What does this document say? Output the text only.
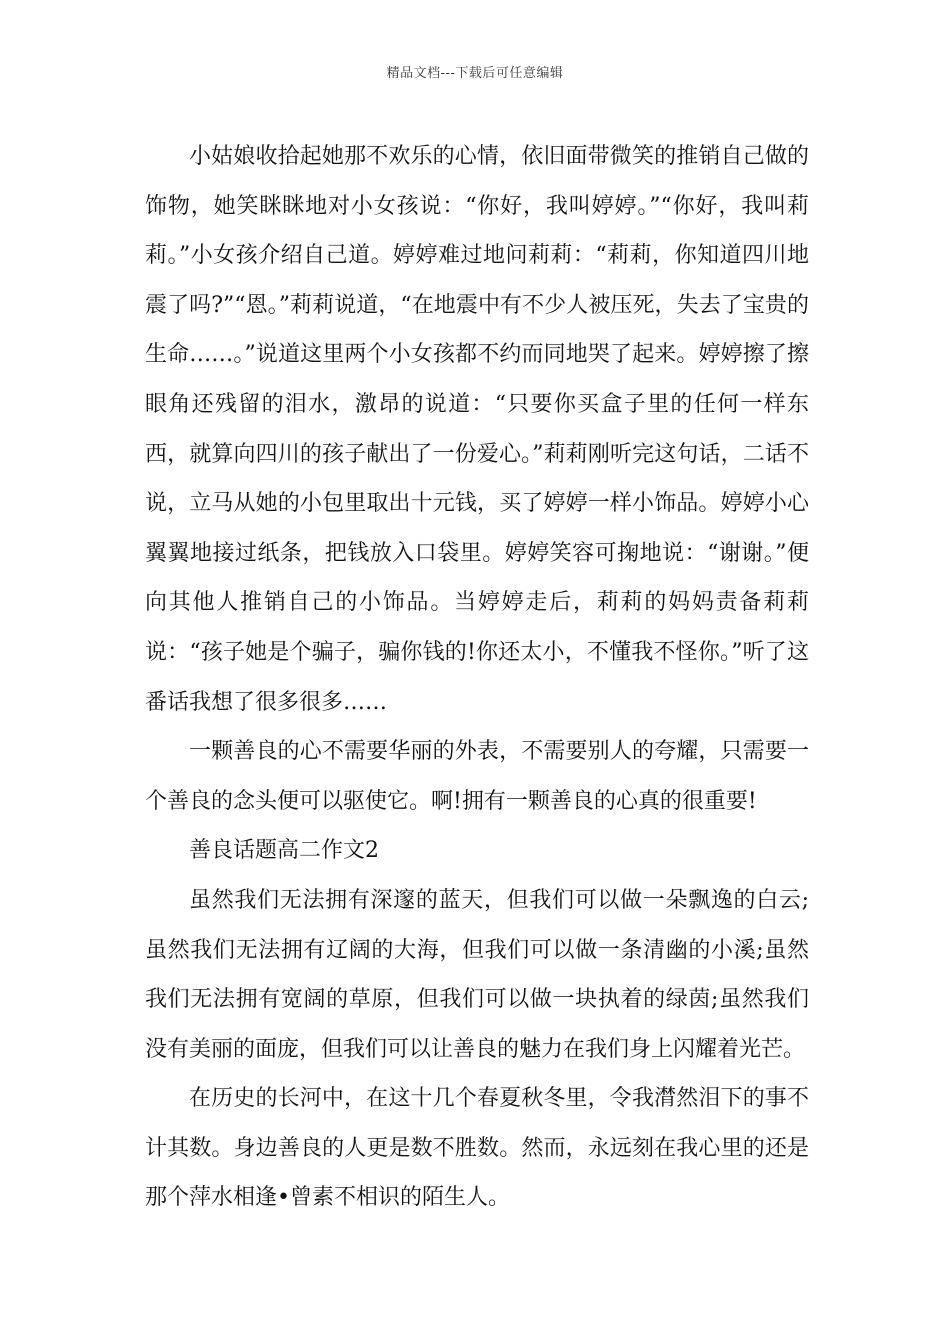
精品文档---下载后可任意编辑

小姑娘收拾起她那不欢乐的心情，依旧面带微笑的推销自己做的饰物，她笑眯眯地对小女孩说：“你好，我叫婷婷。”“你好，我叫莉莉。”小女孩介绍自己道。婷婷难过地问莉莉：“莉莉，你知道四川地震了吗?”“恩。”莉莉说道，“在地震中有不少人被压死，失去了宝贵的生命……。”说道这里两个小女孩都不约而同地哭了起来。婷婷擦了擦眼角还残留的泪水，激昂的说道：“只要你买盒子里的任何一样东西，就算向四川的孩子献出了一份爱心。”莉莉刚听完这句话，二话不说，立马从她的小包里取出十元钱，买了婷婷一样小饰品。婷婷小心翼翼地接过纸条，把钱放入口袋里。婷婷笑容可掬地说：“谢谢。”便向其他人推销自己的小饰品。当婷婷走后，莉莉的妈妈责备莉莉说：“孩子她是个骗子，骗你钱的!你还太小，不懂我不怪你。”听了这番话我想了很多很多……

一颗善良的心不需要华丽的外表，不需要别人的夸耀，只需要一个善良的念头便可以驱使它。啊!拥有一颗善良的心真的很重要!

善良话题高二作文2

虽然我们无法拥有深邃的蓝天，但我们可以做一朵飘逸的白云;虽然我们无法拥有辽阔的大海，但我们可以做一条清幽的小溪;虽然我们无法拥有宽阔的草原，但我们可以做一块执着的绿茵;虽然我们没有美丽的面庞，但我们可以让善良的魅力在我们身上闪耀着光芒。

在历史的长河中，在这十几个春夏秋冬里，令我潸然泪下的事不计其数。身边善良的人更是数不胜数。然而，永远刻在我心里的还是那个萍水相逢•曾素不相识的陌生人。
